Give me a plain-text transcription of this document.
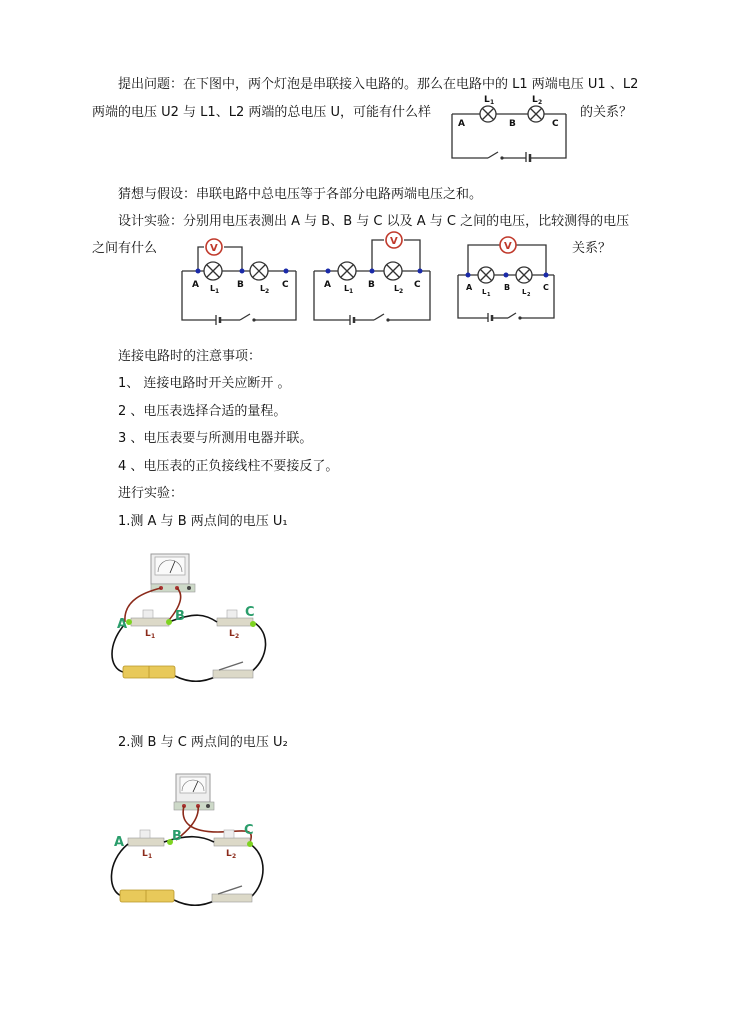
提出问题：在下图中，两个灯泡是串联接入电路的。那么在电路中的 L1 两端电压 U1 、L2
两端的电压 U2 与 L1、L2 两端的总电压 U，可能有什么样	的关系？
A	B	C
L 1	L 2
猜想与假设：串联电路中总电压等于各部分电路两端电压之和。
设计实验：分别用电压表测出 A 与 B、B 与 C 以及 A 与 C 之间的电压，比较测得的电压
之间有什么	关系？
V
A	B	C
L 1	L 2
V
A	B	C
L 1	L 2
V
A	B	C
L 1	L 2
连接电路时的注意事项：
1、 连接电路时开关应断开 。
2 、电压表选择合适的量程。
3 、电压表要与所测用电器并联。
4 、电压表的正负接线柱不要接反了。
进行实验：
1.测 A 与 B 两点间的电压 U₁
A
B	C
L 1	L 2
2.测 B 与 C 两点间的电压 U₂
A	B	C
L 1	L 2
